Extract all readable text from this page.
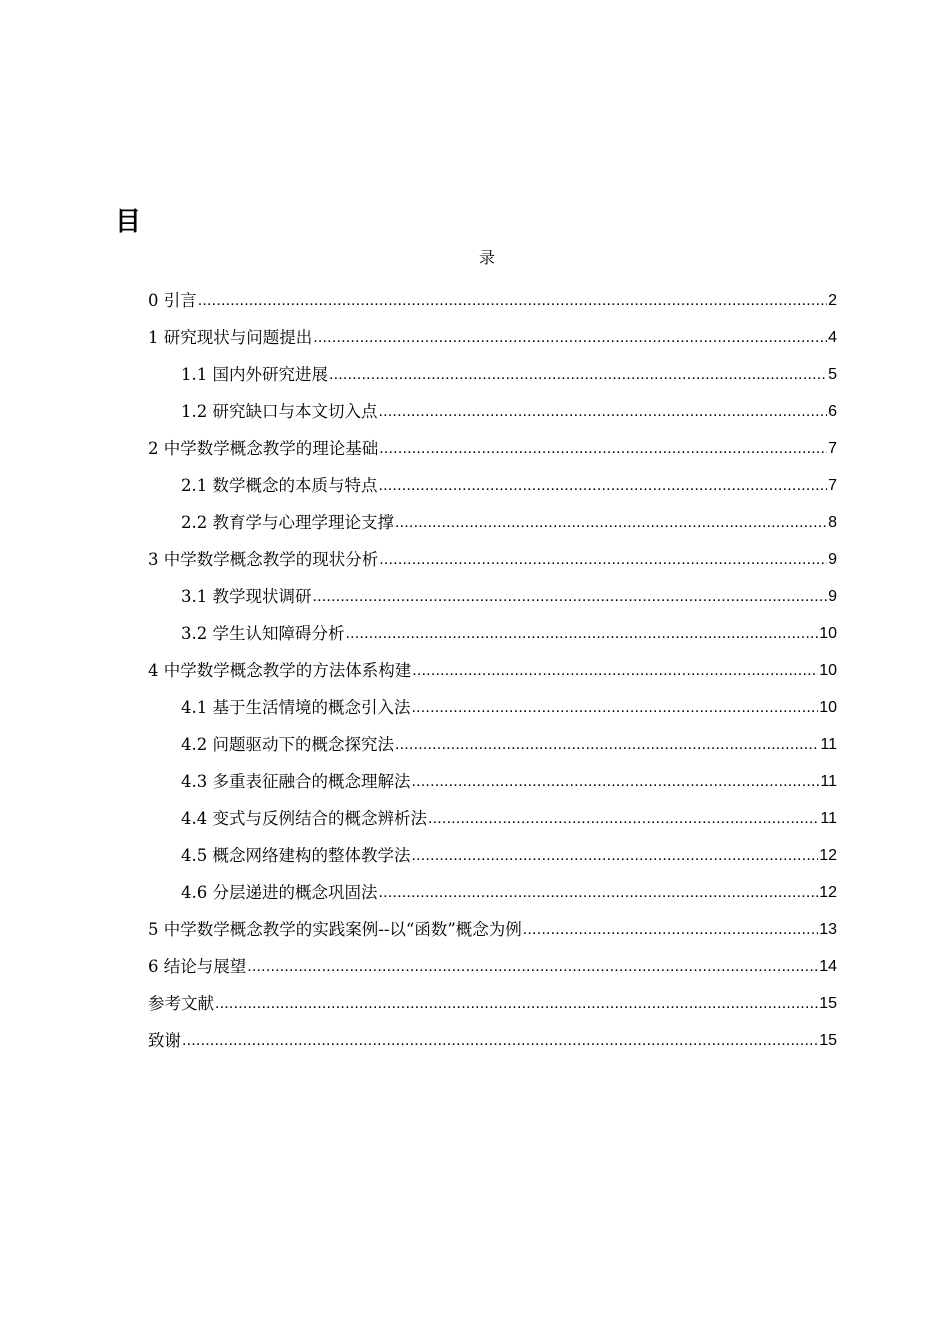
目
录
0 引言 .....	2
1 研究现状与问题提出 .....	4
1.1 国内外研究进展 .....	5
1.2 研究缺口与本文切入点 .....	6
2 中学数学概念教学的理论基础 .....	7
2.1 数学概念的本质与特点 .....	7
2.2 教育学与心理学理论支撑 .....	8
3 中学数学概念教学的现状分析 .....	9
3.1 教学现状调研 .....	9
3.2 学生认知障碍分析 .....	10
4 中学数学概念教学的方法体系构建 .....	10
4.1 基于生活情境的概念引入法 .....	10
4.2 问题驱动下的概念探究法 .....	11
4.3 多重表征融合的概念理解法 .....	11
4.4 变式与反例结合的概念辨析法 .....	11
4.5 概念网络建构的整体教学法 .....	12
4.6 分层递进的概念巩固法 .....	12
5 中学数学概念教学的实践案例--以“函数”概念为例 .....	13
6 结论与展望 .....	14
参考文献 .....	15
致谢 .....	15
